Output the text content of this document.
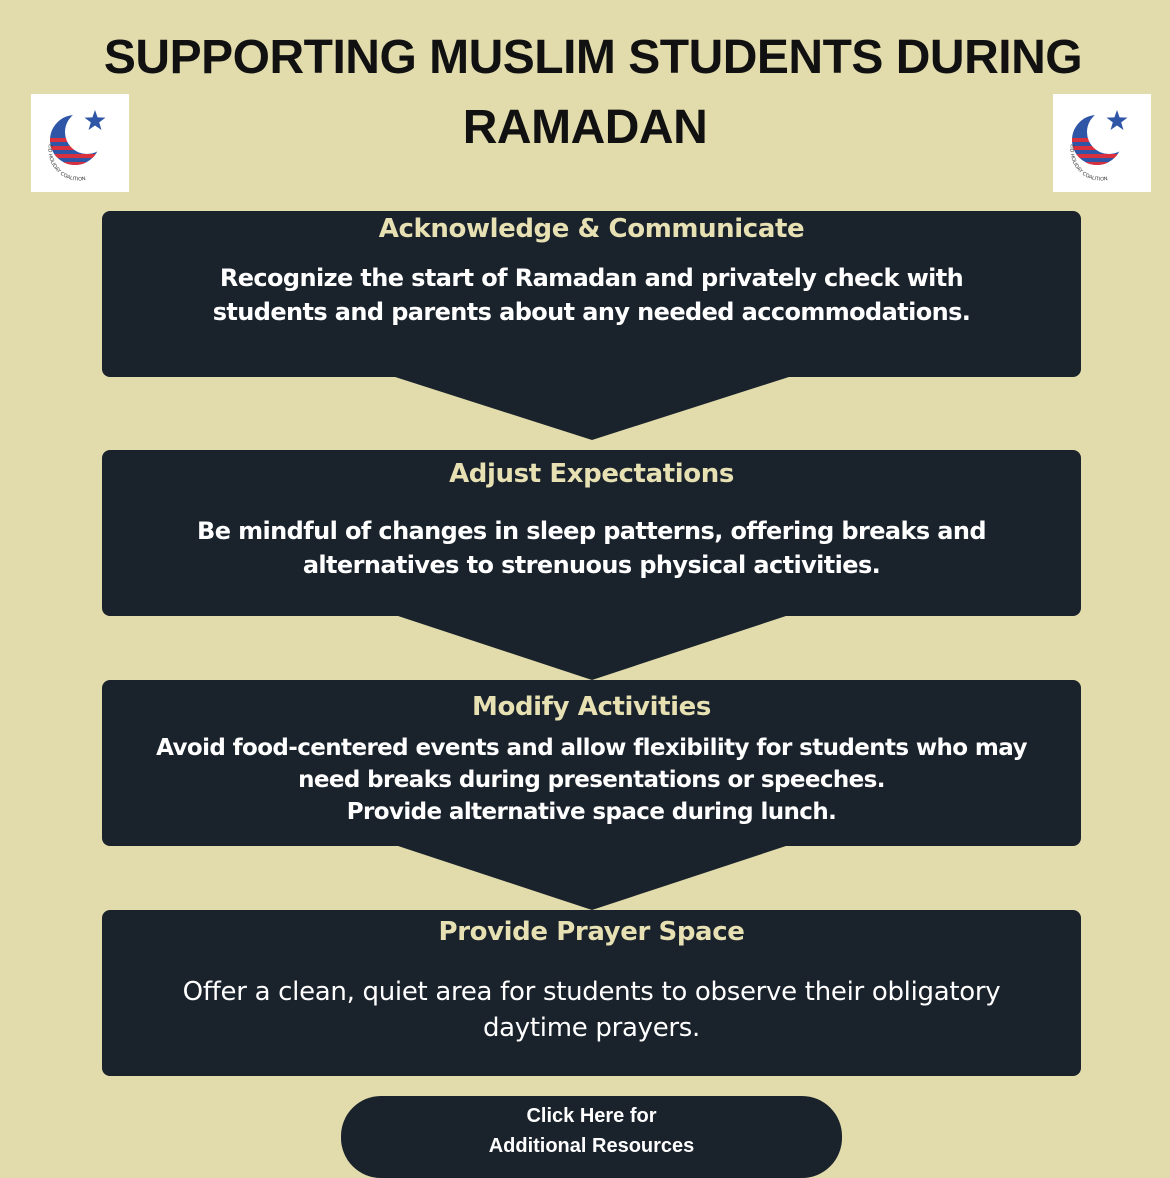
SUPPORTING MUSLIM STUDENTS DURING
RAMADAN
EID HOLIDAY COALITION
EID HOLIDAY COALITION
Acknowledge & Communicate
Recognize the start of Ramadan and privately check with
students and parents about any needed accommodations.
Adjust Expectations
Be mindful of changes in sleep patterns, offering breaks and
alternatives to strenuous physical activities.
Modify Activities
Avoid food-centered events and allow flexibility for students who may
need breaks during presentations or speeches.
Provide alternative space during lunch.
Provide Prayer Space
Offer a clean, quiet area for students to observe their obligatory
daytime prayers.
Click Here for
Additional Resources
